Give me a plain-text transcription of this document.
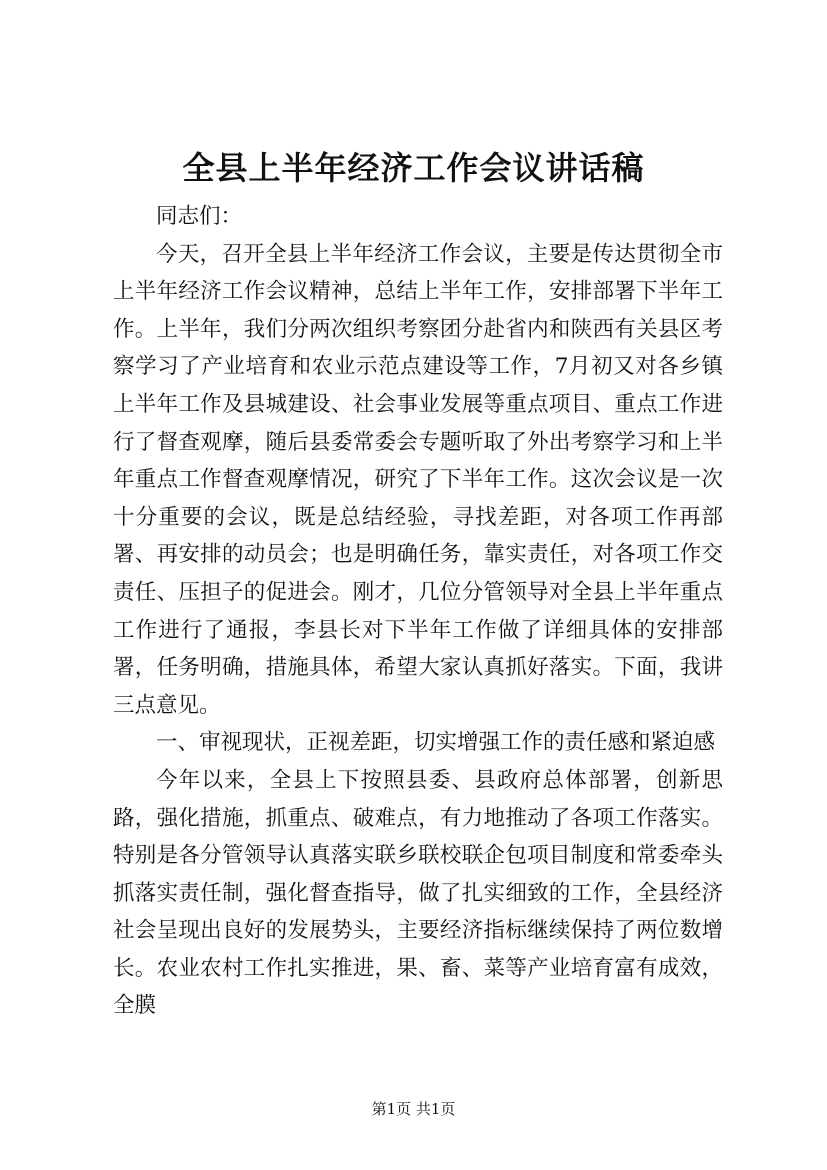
全县上半年经济工作会议讲话稿

同志们：

今天，召开全县上半年经济工作会议，主要是传达贯彻全市上半年经济工作会议精神，总结上半年工作，安排部署下半年工作。上半年，我们分两次组织考察团分赴省内和陕西有关县区考察学习了产业培育和农业示范点建设等工作，7月初又对各乡镇上半年工作及县城建设、社会事业发展等重点项目、重点工作进行了督查观摩，随后县委常委会专题听取了外出考察学习和上半年重点工作督查观摩情况，研究了下半年工作。这次会议是一次十分重要的会议，既是总结经验，寻找差距，对各项工作再部署、再安排的动员会；也是明确任务，靠实责任，对各项工作交责任、压担子的促进会。刚才，几位分管领导对全县上半年重点工作进行了通报，李县长对下半年工作做了详细具体的安排部署，任务明确，措施具体，希望大家认真抓好落实。下面，我讲三点意见。

一、审视现状，正视差距，切实增强工作的责任感和紧迫感

今年以来，全县上下按照县委、县政府总体部署，创新思路，强化措施，抓重点、破难点，有力地推动了各项工作落实。特别是各分管领导认真落实联乡联校联企包项目制度和常委牵头抓落实责任制，强化督查指导，做了扎实细致的工作，全县经济社会呈现出良好的发展势头，主要经济指标继续保持了两位数增长。农业农村工作扎实推进，果、畜、菜等产业培育富有成效，全膜

第1页 共1页
